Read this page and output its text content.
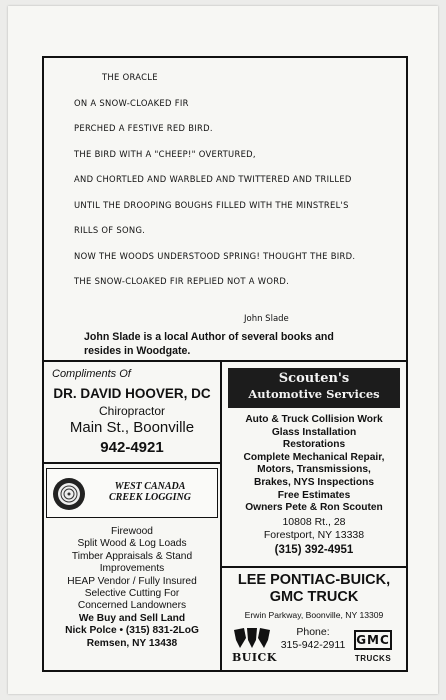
THE ORACLE
ON A SNOW-CLOAKED FIR
PERCHED A FESTIVE RED BIRD.
THE BIRD WITH A "CHEEP!" OVERTURED,
AND CHORTLED AND WARBLED AND TWITTERED AND TRILLED
UNTIL THE DROOPING BOUGHS FILLED WITH THE MINSTREL'S
RILLS OF SONG.
NOW THE WOODS UNDERSTOOD SPRING! THOUGHT THE BIRD.
THE SNOW-CLOAKED FIR REPLIED NOT A WORD.
John Slade
John Slade is a local Author of several books and
resides in Woodgate.
Compliments Of
DR. DAVID HOOVER, DC
Chiropractor
Main St., Boonville
942-4921
WEST CANADA
CREEK LOGGING
Firewood
Split Wood & Log Loads
Timber Appraisals & Stand
Improvements
HEAP Vendor / Fully Insured
Selective Cutting For
Concerned Landowners
We Buy and Sell Land
Nick Polce • (315) 831-2LoG
Remsen, NY 13438
Scouten's
Automotive Services
Auto & Truck Collision Work
Glass Installation
Restorations
Complete Mechanical Repair,
Motors, Transmissions,
Brakes, NYS Inspections
Free Estimates
Owners Pete & Ron Scouten
10808 Rt., 28
Forestport, NY 13338
(315) 392-4951
LEE PONTIAC-BUICK,
GMC TRUCK
Erwin Parkway, Boonville, NY 13309
BUICK
Phone:
315-942-2911 GMC
TRUCKS
